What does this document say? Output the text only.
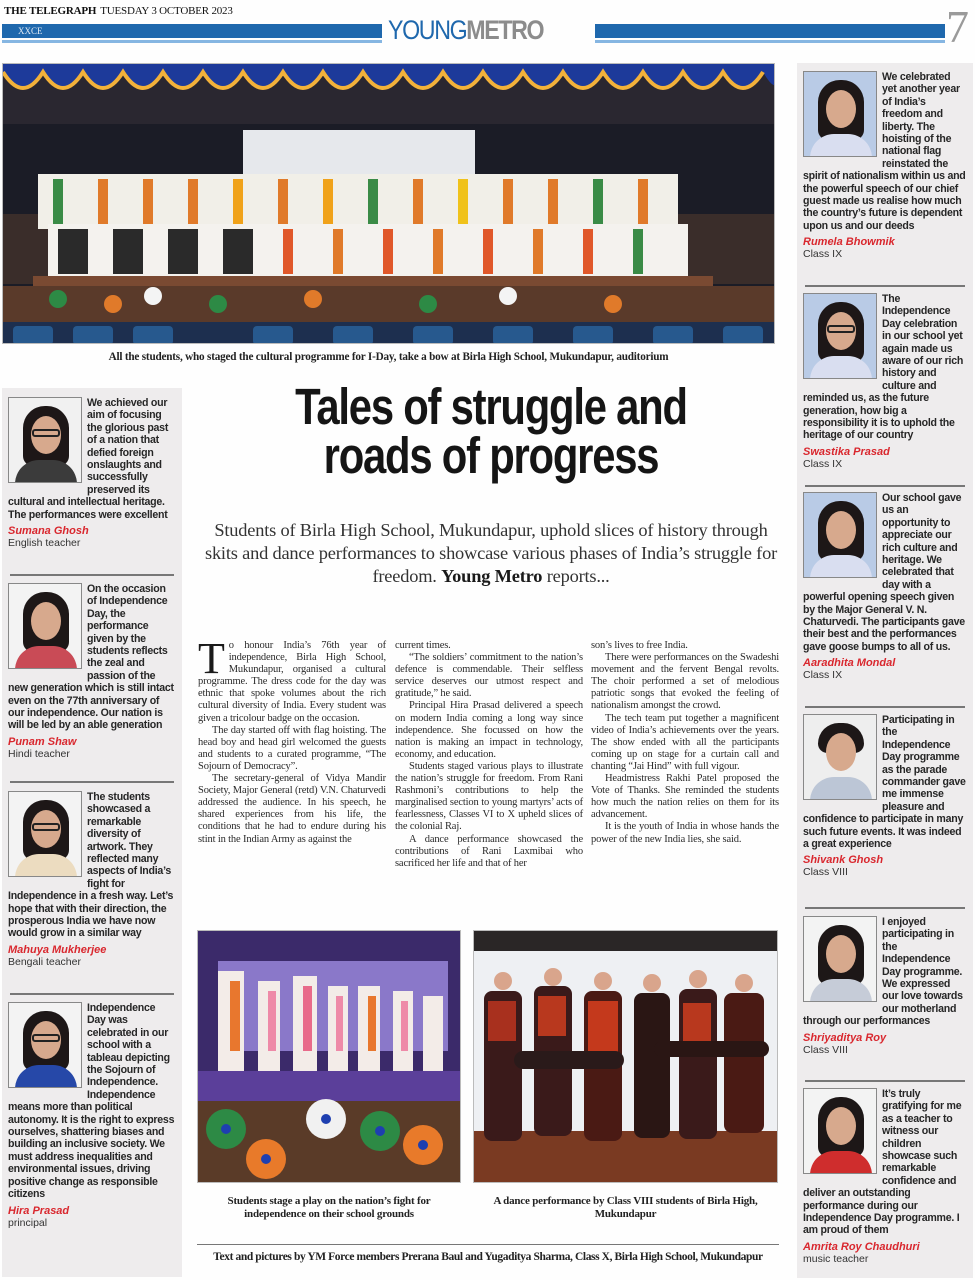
THE TELEGRAPH TUESDAY 3 OCTOBER 2023
XXCE	YOUNGMETRO	7
All the students, who staged the cultural programme for I-Day, take a bow at Birla High School, Mukundapur, auditorium
We achieved our aim of focusing the glorious past of a nation that defied foreign onslaughts and successfully preserved its cultural and intellectual heritage. The performances were excellent
Sumana Ghosh
English teacher
On the occasion of Independence Day, the performance given by the students reflects the zeal and passion of the new generation which is still intact even on the 77th anniversary of our independence. Our nation is will be led by an able generation
Punam Shaw
Hindi teacher
The students showcased a remarkable diversity of artwork. They reflected many aspects of India’s fight for Independence in a fresh way. Let’s hope that with their direction, the prosperous India we have now would grow in a similar way
Mahuya Mukherjee
Bengali teacher
Independence Day was celebrated in our school with a tableau depicting the Sojourn of Independence. Independence means more than political autonomy. It is the right to express ourselves, shattering biases and building an inclusive society. We must address inequalities and environmental issues, driving positive change as responsible citizens
Hira Prasad
principal
Tales of struggle and
roads of progress
Students of Birla High School, Mukundapur, uphold slices of history through skits and dance performances to showcase various phases of India’s struggle for freedom. Young Metro reports...

To honour India’s 76th year of independence, Birla High School, Mukundapur, organised a cultural programme. The dress code for the day was ethnic that spoke volumes about the rich cultural diversity of India. Every student was given a tricolour badge on the occasion.

The day started off with flag hoisting. The head boy and head girl welcomed the guests and students to a curated programme, “The Sojourn of Democracy”.

The secretary-general of Vidya Mandir Society, Major General (retd) V.N. Chaturvedi addressed the audience. In his speech, he shared experiences from his life, the conditions that he had to endure during his stint in the Indian Army as against the

current times.

“The soldiers’ commitment to the nation’s defence is commendable. Their selfless service deserves our utmost respect and gratitude,” he said.

Principal Hira Prasad delivered a speech on modern India coming a long way since independence. She focussed on how the nation is making an impact in technology, economy, and education.

Students staged various plays to illustrate the nation’s struggle for freedom. From Rani Rashmoni’s contributions to help the marginalised section to young martyrs’ acts of fearlessness, Classes VI to X upheld slices of the colonial Raj.

A dance performance showcased the contributions of Rani Laxmibai who sacrificed her life and that of her

son’s lives to free India.

There were performances on the Swadeshi movement and the fervent Bengal revolts. The choir performed a set of melodious patriotic songs that evoked the feeling of nationalism amongst the crowd.

The tech team put together a magnificent video of India’s achievements over the years. The show ended with all the participants coming up on stage for a curtain call and chanting “Jai Hind” with full vigour.

Headmistress Rakhi Patel proposed the Vote of Thanks. She reminded the students how much the nation relies on them for its advancement.

It is the youth of India in whose hands the power of the new India lies, she said.

Students stage a play on the nation’s fight for independence on their school grounds
A dance performance by Class VIII students of Birla High, Mukundapur
Text and pictures by YM Force members Prerana Baul and Yugaditya Sharma, Class X, Birla High School, Mukundapur
We celebrated yet another year of India’s freedom and liberty. The hoisting of the national flag reinstated the spirit of nationalism within us and the powerful speech of our chief guest made us realise how much the country’s future is dependent upon us and our deeds
Rumela Bhowmik
Class IX
The Independence Day celebration in our school yet again made us aware of our rich history and culture and reminded us, as the future generation, how big a responsibility it is to uphold the heritage of our country
Swastika Prasad
Class IX
Our school gave us an opportunity to appreciate our rich culture and heritage. We celebrated that day with a powerful opening speech given by the Major General V. N. Chaturvedi. The participants gave their best and the performances gave goose bumps to all of us.
Aaradhita Mondal
Class IX
Participating in the Independence Day programme as the parade commander gave me immense pleasure and confidence to participate in many such future events. It was indeed a great experience
Shivank Ghosh
Class VIII
I enjoyed participating in the Independence Day programme. We expressed our love towards our motherland through our performances
Shriyaditya Roy
Class VIII
It’s truly gratifying for me as a teacher to witness our children showcase such remarkable confidence and deliver an outstanding performance during our Independence Day programme. I am proud of them
Amrita Roy Chaudhuri
music teacher
